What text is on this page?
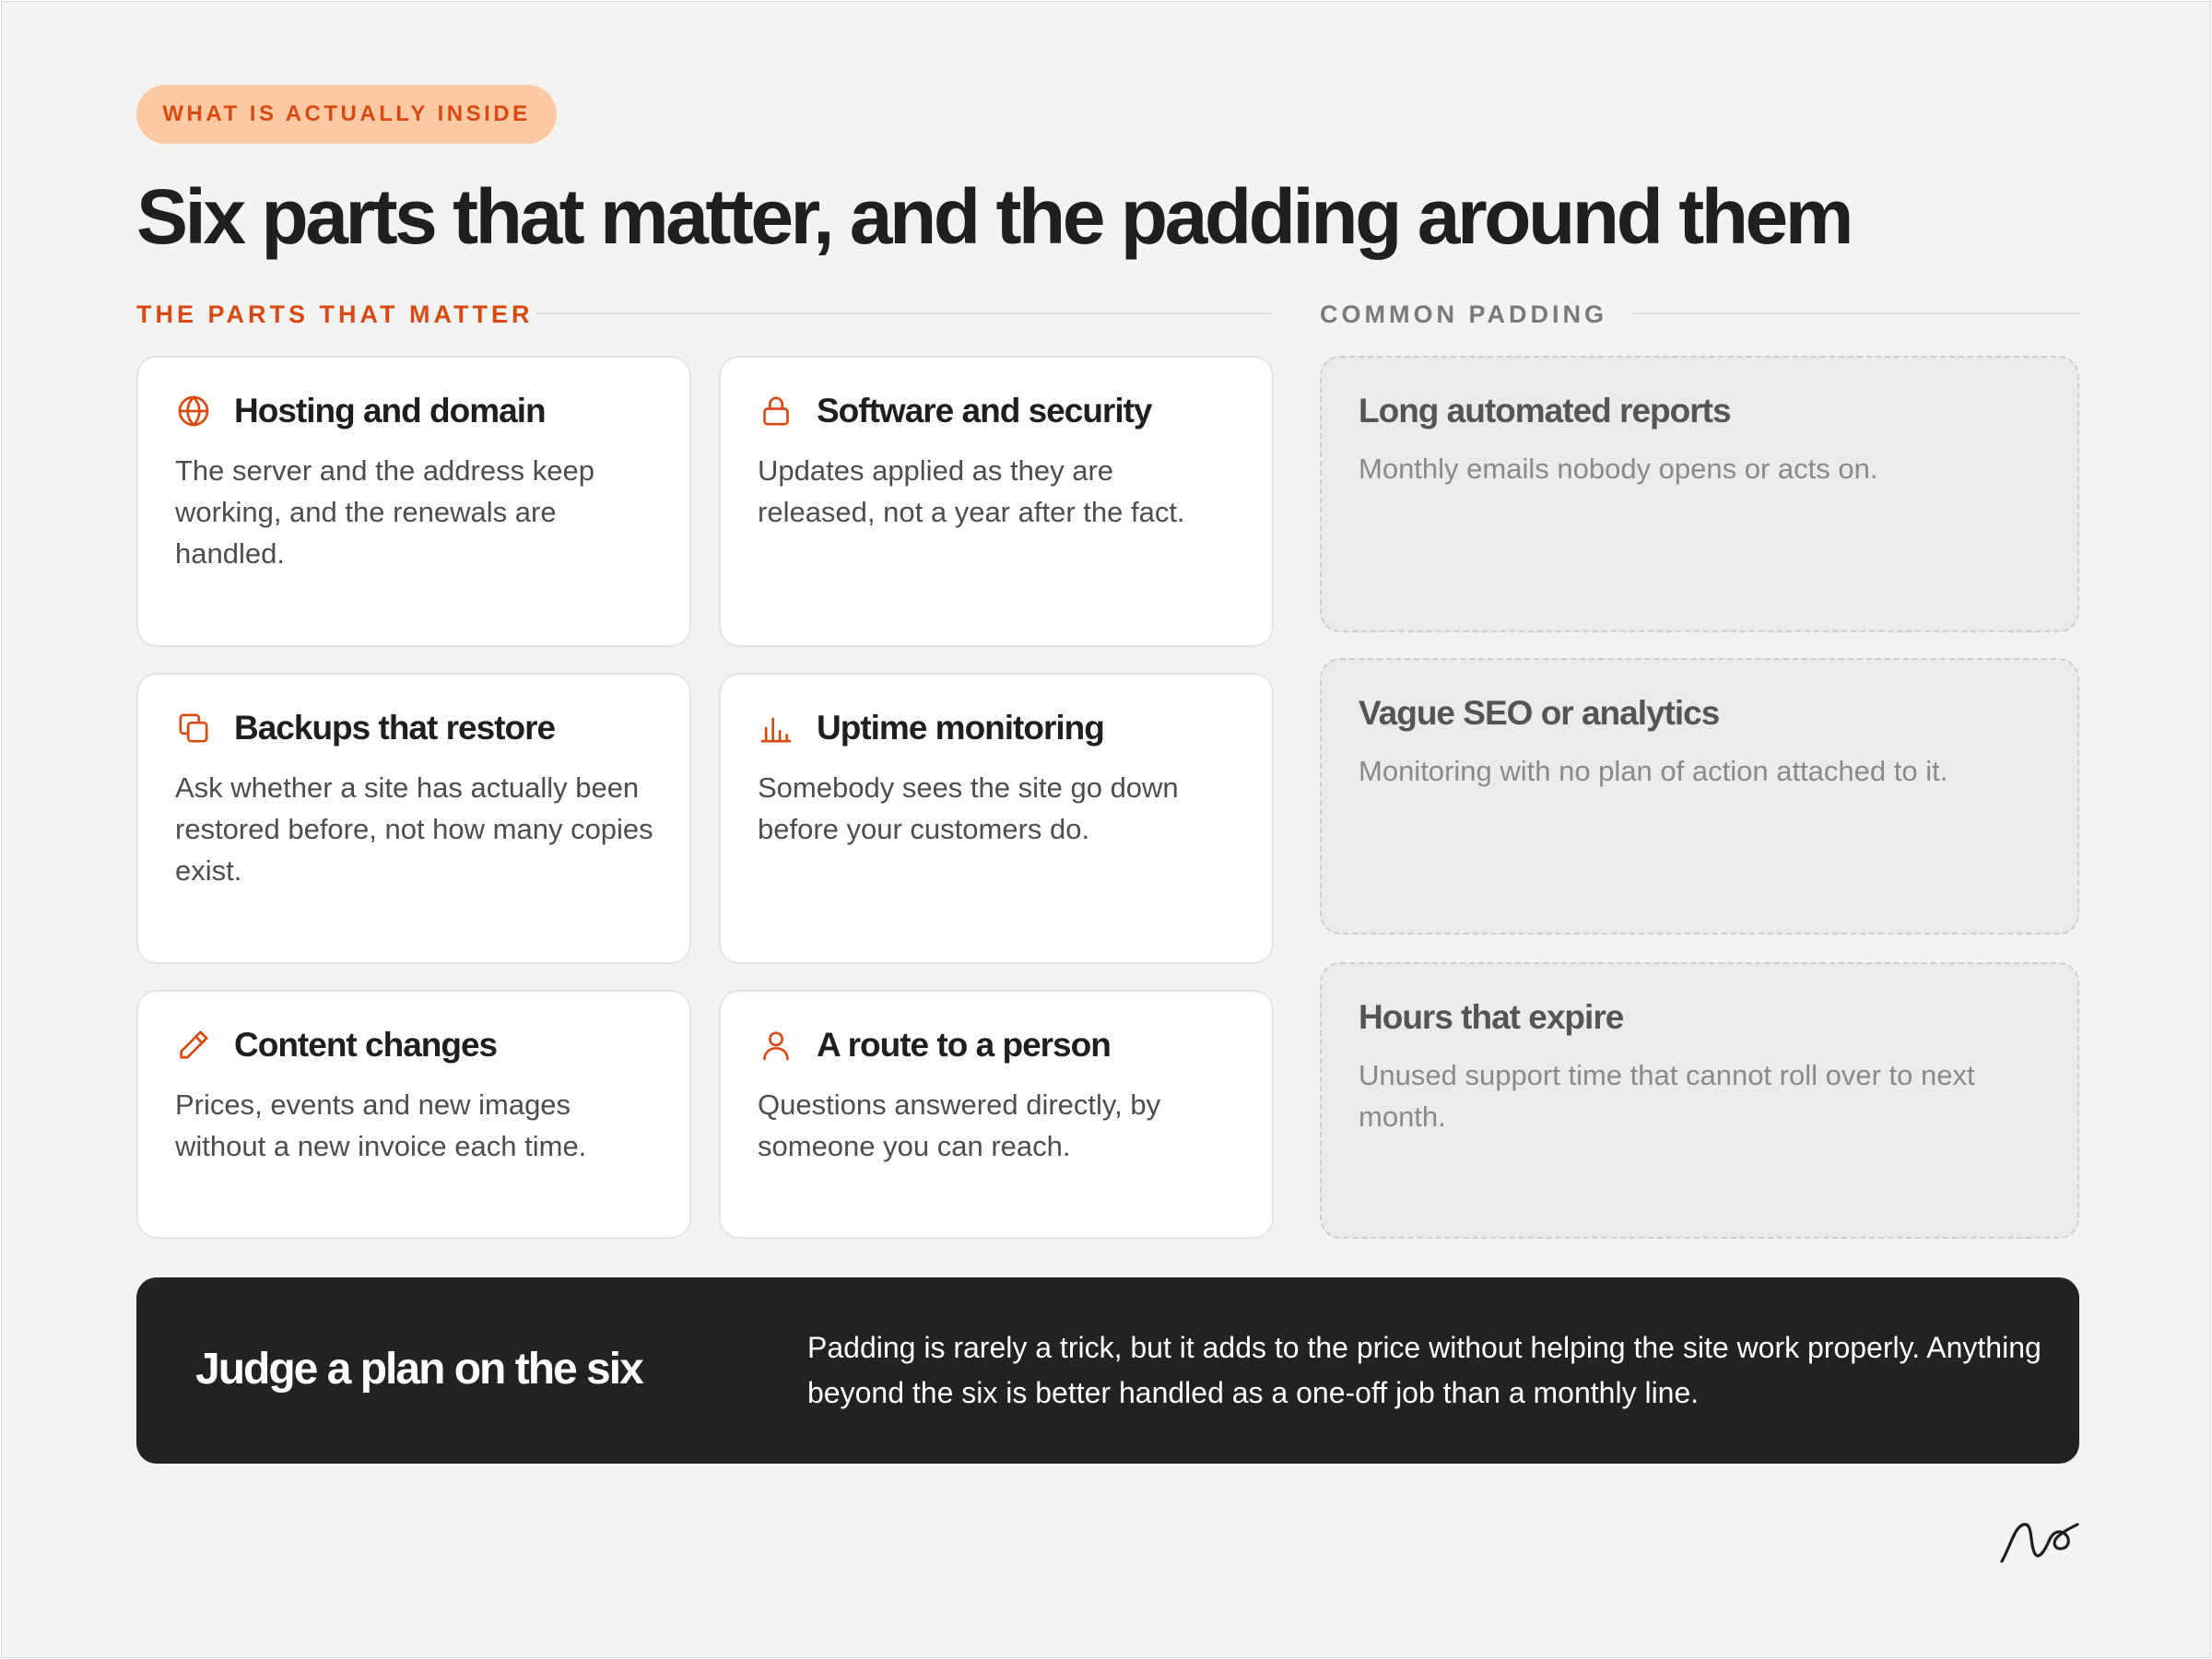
WHAT IS ACTUALLY INSIDE
Six parts that matter, and the padding around them
THE PARTS THAT MATTER	COMMON PADDING
Hosting and domain
The server and the address keep working, and the renewals are handled.
Software and security
Updates applied as they are released, not a year after the fact.
Backups that restore
Ask whether a site has actually been restored before, not how many copies exist.
Uptime monitoring
Somebody sees the site go down before your customers do.
Content changes
Prices, events and new images without a new invoice each time.
A route to a person
Questions answered directly, by someone you can reach.
Long automated reports
Monthly emails nobody opens or acts on.
Vague SEO or analytics
Monitoring with no plan of action attached to it.
Hours that expire
Unused support time that cannot roll over to next month.
Judge a plan on the six	Padding is rarely a trick, but it adds to the price without helping the site work properly. Anything beyond the six is better handled as a one-off job than a monthly line.
